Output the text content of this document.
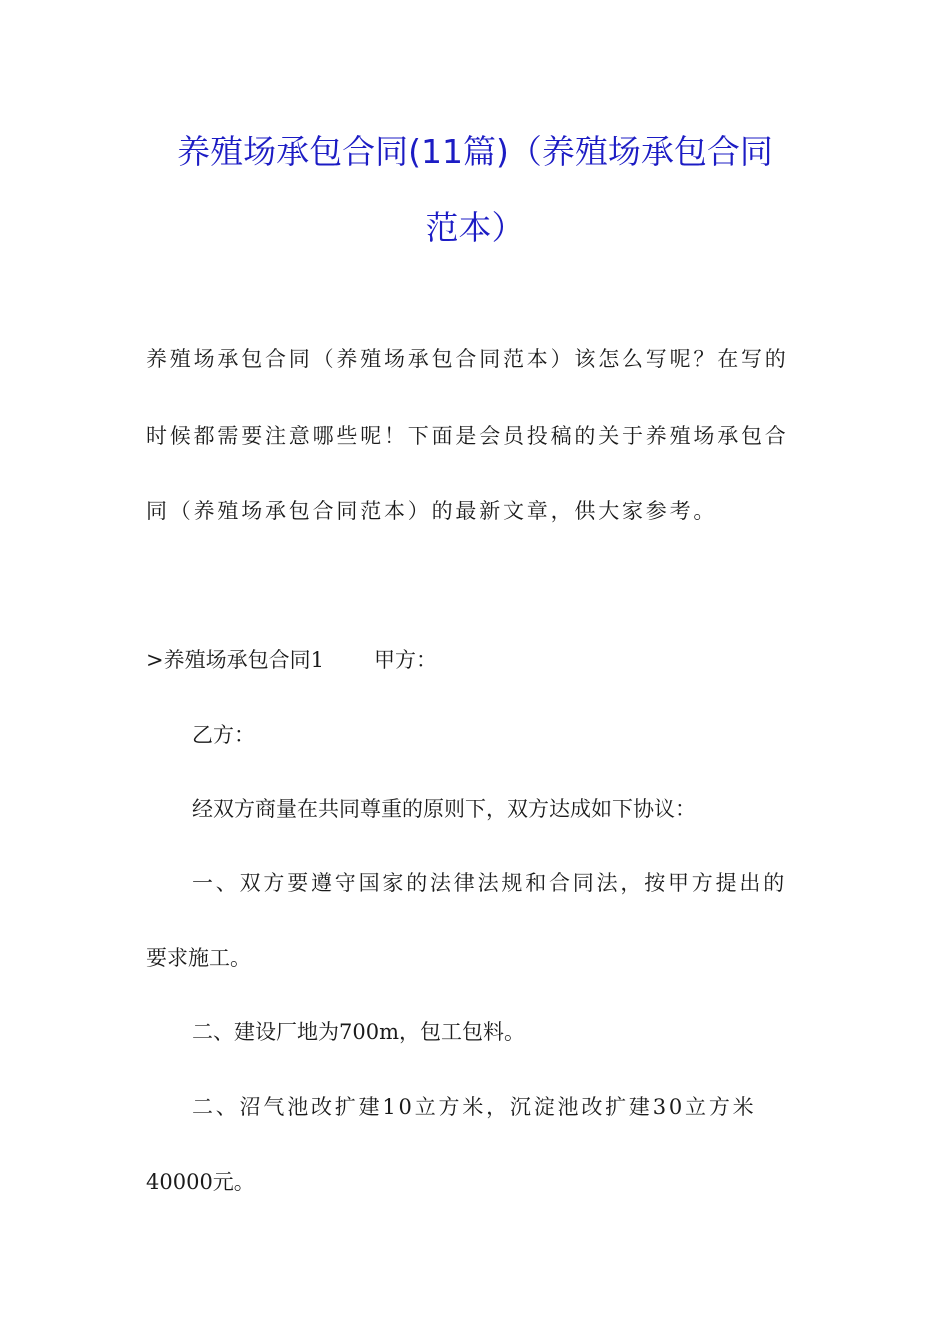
养殖场承包合同(11篇)（养殖场承包合同
范本）

养殖场承包合同（养殖场承包合同范本）该怎么写呢？在写的

时候都需要注意哪些呢！下面是会员投稿的关于养殖场承包合

同（养殖场承包合同范本）的最新文章，供大家参考。

>养殖场承包合同1 甲方：

乙方：

经双方商量在共同尊重的原则下，双方达成如下协议：

一、双方要遵守国家的法律法规和合同法，按甲方提出的

要求施工。

二、建设厂地为700m，包工包料。

二、沼气池改扩建10立方米，沉淀池改扩建30立方米

40000元。
